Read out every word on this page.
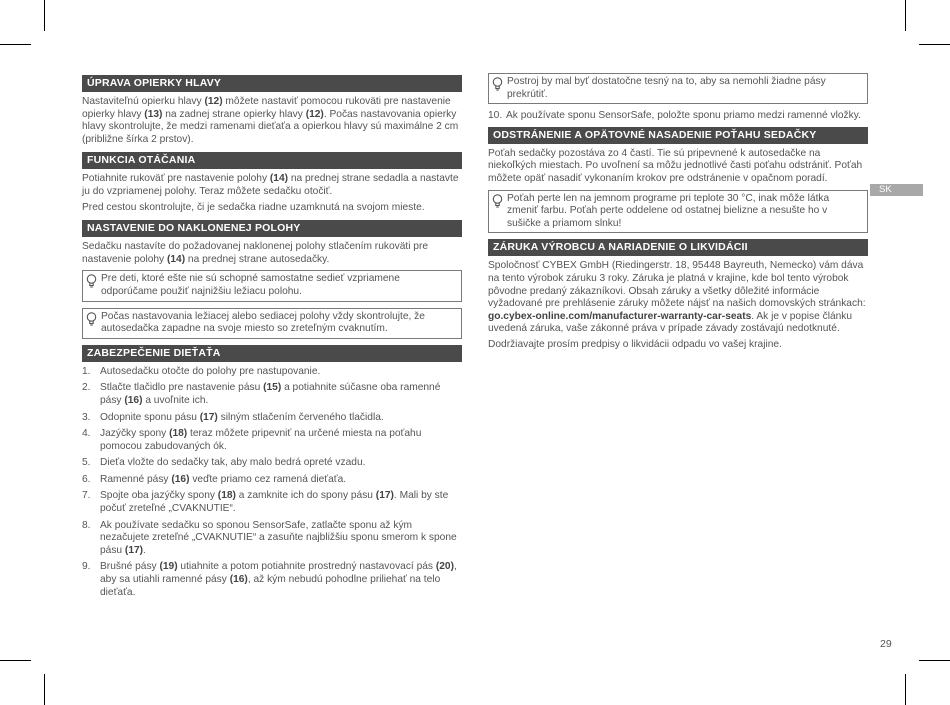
ÚPRAVA OPIERKY HLAVY

Nastaviteľnú opierku hlavy (12) môžete nastaviť pomocou rukoväti pre nastavenie opierky hlavy (13) na zadnej strane opierky hlavy (12). Počas nastavovania opierky hlavy skontrolujte, že medzi ramenami dieťaťa a opierkou hlavy sú maximálne 2 cm (približne šírka 2 prstov).

FUNKCIA OTÁČANIA

Potiahnite rukoväť pre nastavenie polohy (14) na prednej strane sedadla a nastavte ju do vzpriamenej polohy. Teraz môžete sedačku otočiť.

Pred cestou skontrolujte, či je sedačka riadne uzamknutá na svojom mieste.

NASTAVENIE DO NAKLONENEJ POLOHY

Sedačku nastavíte do požadovanej naklonenej polohy stlačením rukoväti pre nastavenie polohy (14) na prednej strane autosedačky.

Pre deti, ktoré ešte nie sú schopné samostatne sedieť vzpriamene odporúčame použiť najnižšiu ležiacu polohu.
Počas nastavovania ležiacej alebo sediacej polohy vždy skontrolujte, že autosedačka zapadne na svoje miesto so zreteľným cvaknutím.
ZABEZPEČENIE DIEŤAŤA
1. Autosedačku otočte do polohy pre nastupovanie.
2. Stlačte tlačidlo pre nastavenie pásu (15) a potiahnite súčasne oba ramenné pásy (16) a uvoľnite ich.
3. Odopnite sponu pásu (17) silným stlačením červeného tlačidla.
4. Jazýčky spony (18) teraz môžete pripevniť na určené miesta na poťahu pomocou zabudovaných ók.
5. Dieťa vložte do sedačky tak, aby malo bedrá opreté vzadu.
6. Ramenné pásy (16) veďte priamo cez ramená dieťaťa.
7. Spojte oba jazýčky spony (18) a zamknite ich do spony pásu (17). Mali by ste počuť zreteľné „CVAKNUTIE“.
8. Ak používate sedačku so sponou SensorSafe, zatlačte sponu až kým nezačujete zreteľné „CVAKNUTIE“ a zasuňte najbližšiu sponu smerom k spone pásu (17).
9. Brušné pásy (19) utiahnite a potom potiahnite prostredný nastavovací pás (20), aby sa utiahli ramenné pásy (16), až kým nebudú pohodlne priliehať na telo dieťaťa.
Postroj by mal byť dostatočne tesný na to, aby sa nemohli žiadne pásy prekrútiť.
10. Ak používate sponu SensorSafe, položte sponu priamo medzi ramenné vložky.
ODSTRÁNENIE A OPÄTOVNÉ NASADENIE POŤAHU SEDAČKY

Poťah sedačky pozostáva zo 4 častí. Tie sú pripevnené k autosedačke na niekoľkých miestach. Po uvoľnení sa môžu jednotlivé časti poťahu odstrániť. Poťah môžete opäť nasadiť vykonaním krokov pre odstránenie v opačnom poradí.

Poťah perte len na jemnom programe pri teplote 30 °C, inak môže látka zmeniť farbu. Poťah perte oddelene od ostatnej bielizne a nesušte ho v sušičke a priamom slnku!
ZÁRUKA VÝROBCU A NARIADENIE O LIKVIDÁCII

Spoločnosť CYBEX GmbH (Riedingerstr. 18, 95448 Bayreuth, Nemecko) vám dáva na tento výrobok záruku 3 roky. Záruka je platná v krajine, kde bol tento výrobok pôvodne predaný zákazníkovi. Obsah záruky a všetky dôležité informácie vyžadované pre prehlásenie záruky môžete nájsť na našich domovských stránkach: go.cybex-online.com/manufacturer-warranty-car-seats. Ak je v popise článku uvedená záruka, vaše zákonné práva v prípade závady zostávajú nedotknuté.

Dodržiavajte prosím predpisy o likvidácii odpadu vo vašej krajine.

SK
29
